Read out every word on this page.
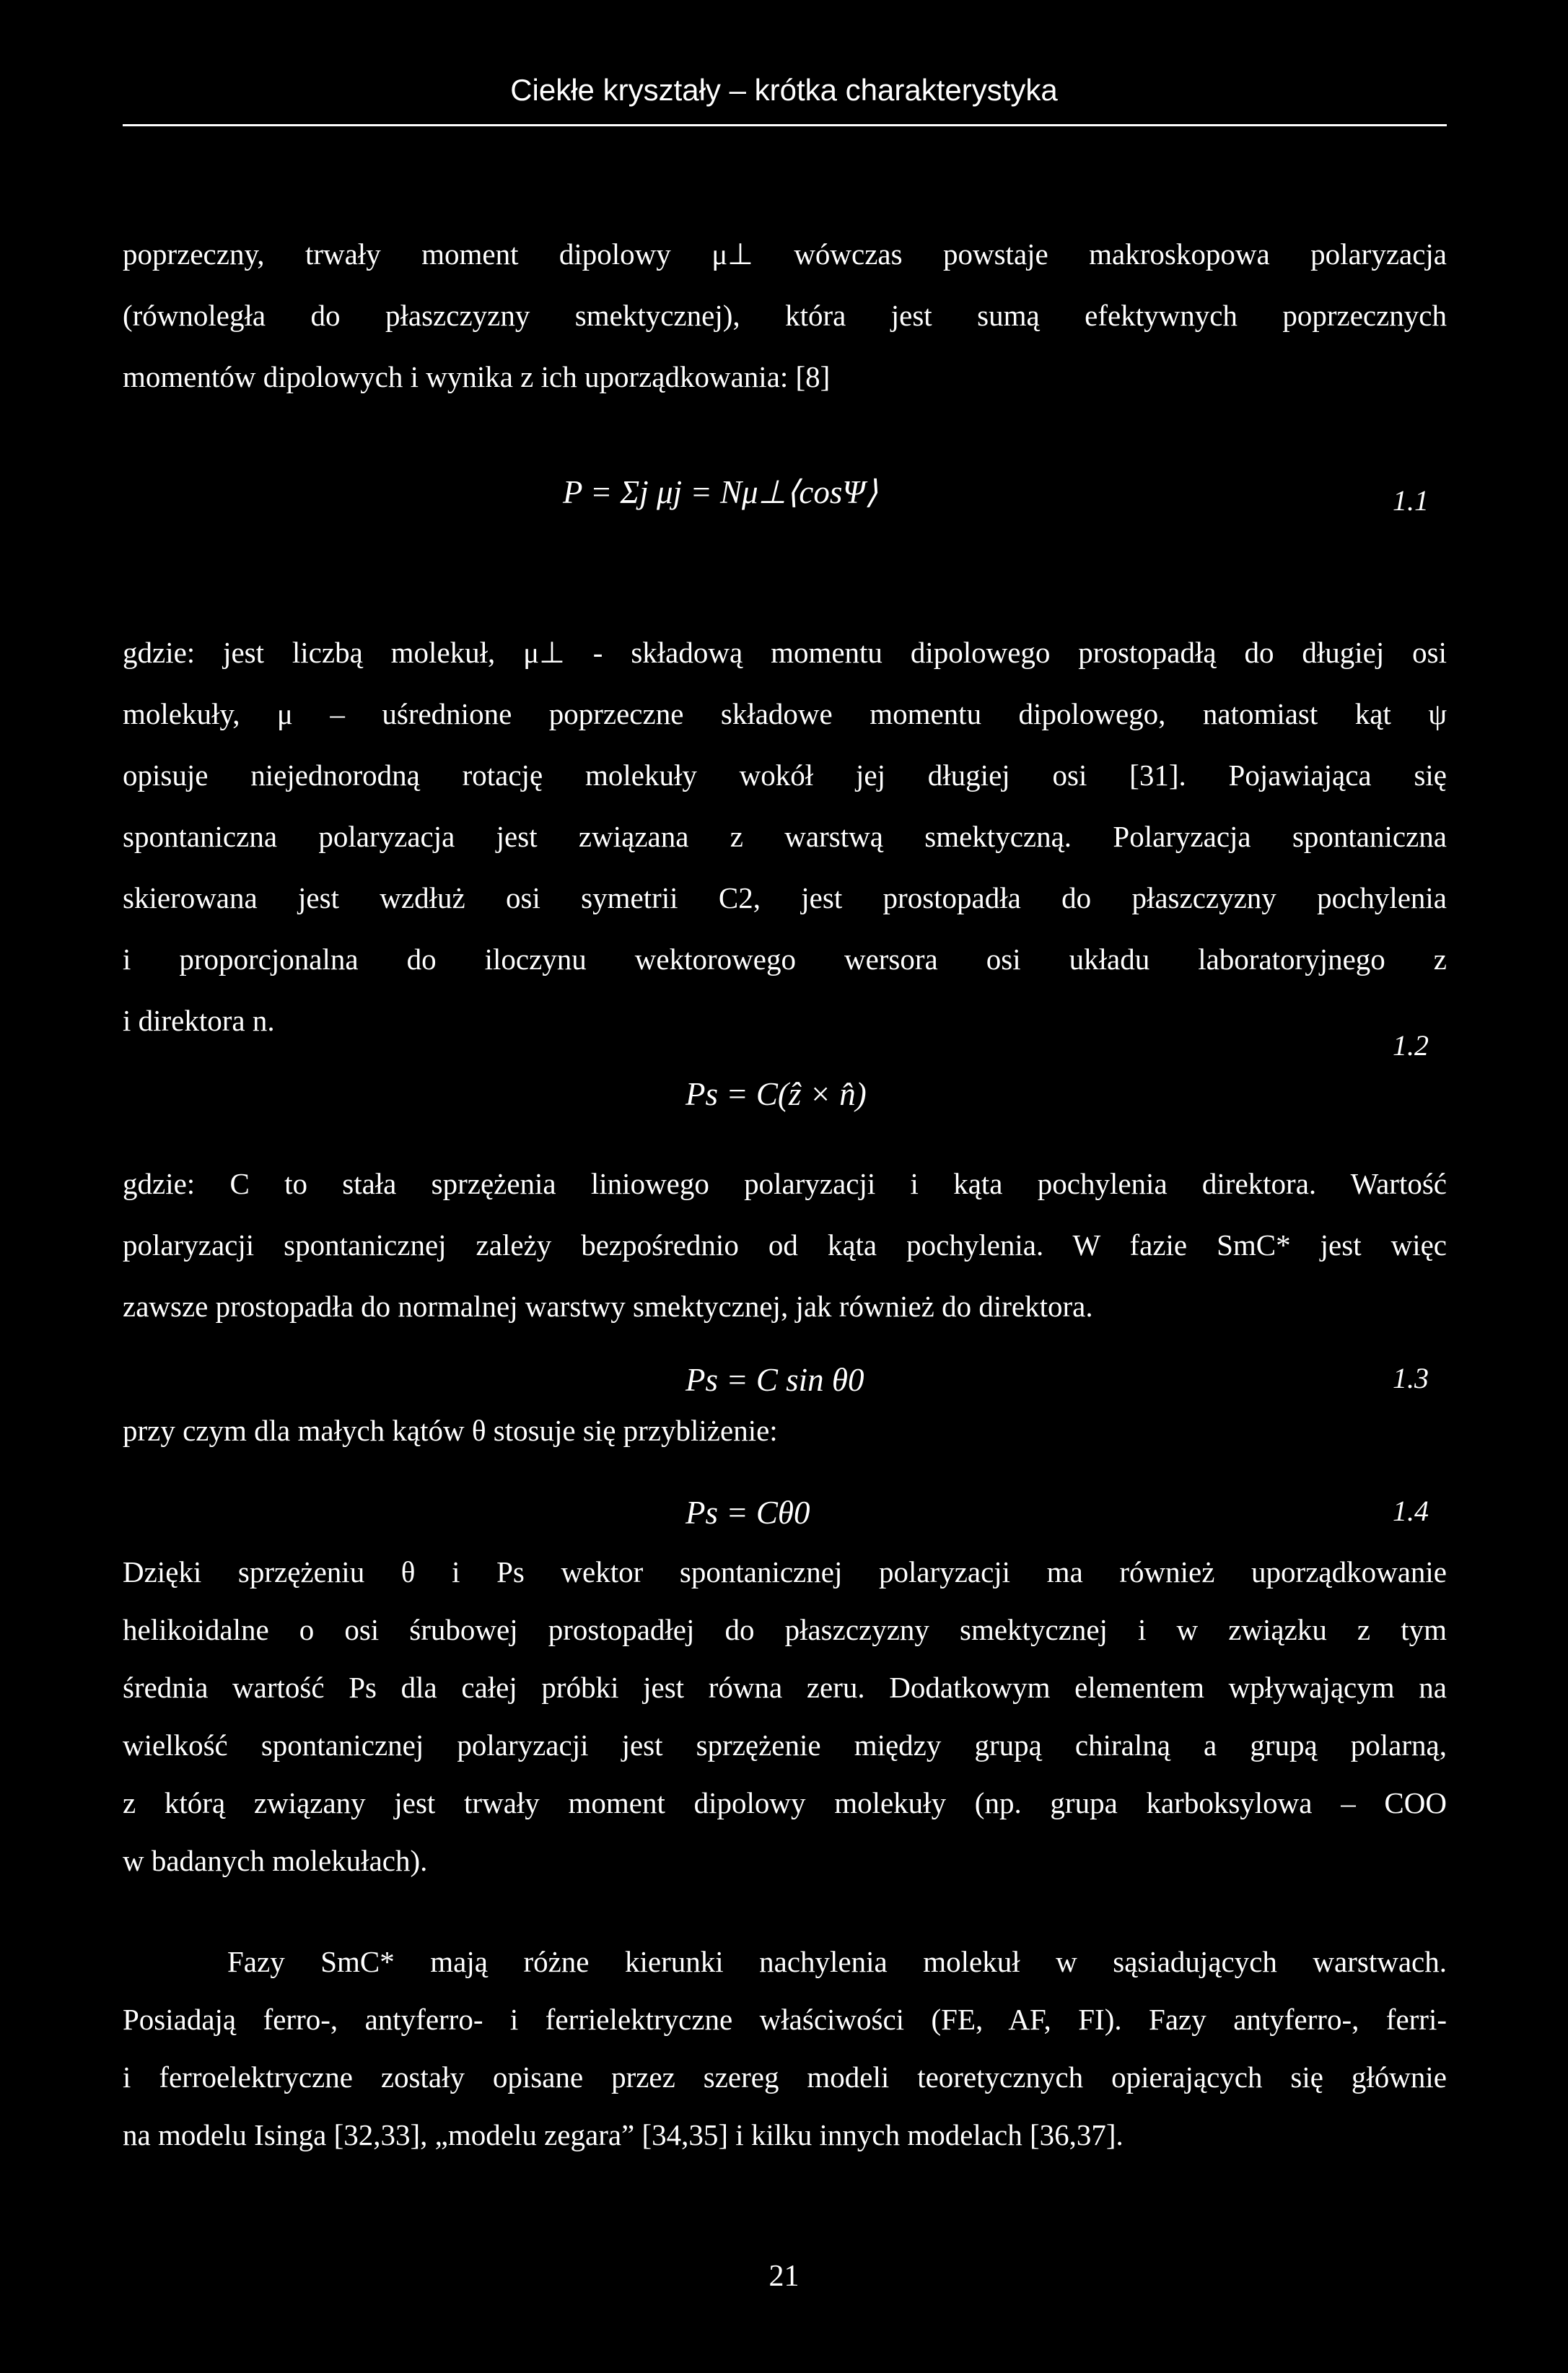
Ciekłe kryształy – krótka charakterystyka

poprzeczny, trwały moment dipolowy μ⊥ wówczas powstaje makroskopowa polaryzacja

(równoległa do płaszczyzny smektycznej), która jest sumą efektywnych poprzecznych

momentów dipolowych i wynika z ich uporządkowania: [8]

P = Σj μj = Nμ⊥⟨cosΨ⟩	1.1

gdzie: jest liczbą molekuł, μ⊥ - składową momentu dipolowego prostopadłą do długiej osi

molekuły, μ – uśrednione poprzeczne składowe momentu dipolowego, natomiast kąt ψ

opisuje niejednorodną rotację molekuły wokół jej długiej osi [31]. Pojawiająca się

spontaniczna polaryzacja jest związana z warstwą smektyczną. Polaryzacja spontaniczna

skierowana jest wzdłuż osi symetrii C2, jest prostopadła do płaszczyzny pochylenia

i proporcjonalna do iloczynu wektorowego wersora osi układu laboratoryjnego z

i direktora n.

Ps = C(ẑ × n̂)
1.2

gdzie: C to stała sprzężenia liniowego polaryzacji i kąta pochylenia direktora. Wartość

polaryzacji spontanicznej zależy bezpośrednio od kąta pochylenia. W fazie SmC* jest więc

zawsze prostopadła do normalnej warstwy smektycznej, jak również do direktora.

Ps = C sin θ0	1.3
przy czym dla małych kątów θ stosuje się przybliżenie:
Ps = Cθ0	1.4

Dzięki sprzężeniu θ i Ps wektor spontanicznej polaryzacji ma również uporządkowanie

helikoidalne o osi śrubowej prostopadłej do płaszczyzny smektycznej i w związku z tym

średnia wartość Ps dla całej próbki jest równa zeru. Dodatkowym elementem wpływającym na

wielkość spontanicznej polaryzacji jest sprzężenie między grupą chiralną a grupą polarną,

z którą związany jest trwały moment dipolowy molekuły (np. grupa karboksylowa – COO

w badanych molekułach).

Fazy SmC* mają różne kierunki nachylenia molekuł w sąsiadujących warstwach.

Posiadają ferro-, antyferro- i ferrielektryczne właściwości (FE, AF, FI). Fazy antyferro-, ferri-

i ferroelektryczne zostały opisane przez szereg modeli teoretycznych opierających się głównie

na modelu Isinga [32,33], „modelu zegara” [34,35] i kilku innych modelach [36,37].

21
